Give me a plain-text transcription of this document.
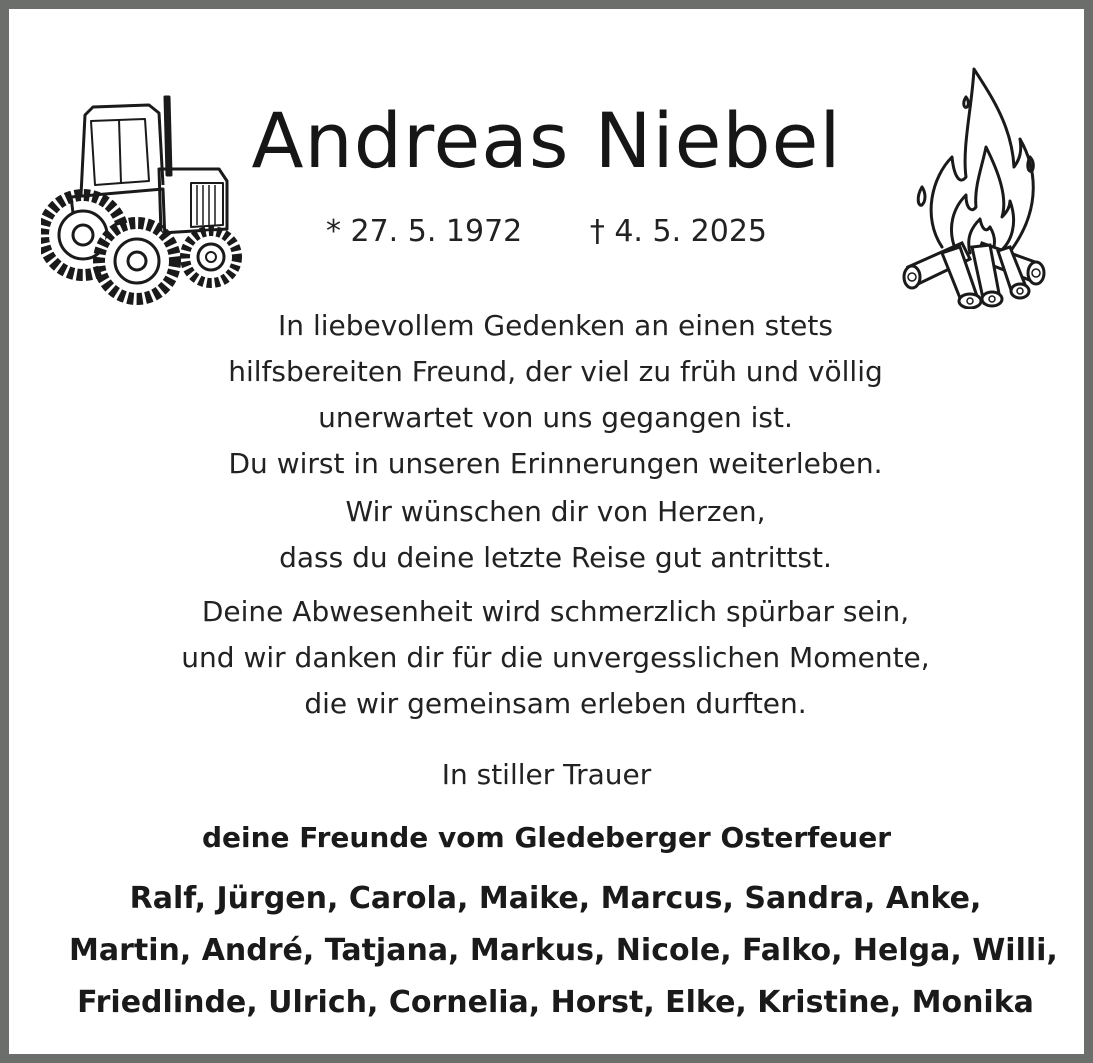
Andreas Niebel
* 27. 5. 1972 † 4. 5. 2025
In liebevollem Gedenken an einen stets
hilfsbereiten Freund, der viel zu früh und völlig
unerwartet von uns gegangen ist.
Du wirst in unseren Erinnerungen weiterleben.
Wir wünschen dir von Herzen,
dass du deine letzte Reise gut antrittst.
Deine Abwesenheit wird schmerzlich spürbar sein,
und wir danken dir für die unvergesslichen Momente,
die wir gemeinsam erleben durften.
In stiller Trauer
deine Freunde vom Gledeberger Osterfeuer
Ralf, Jürgen, Carola, Maike, Marcus, Sandra, Anke,
Martin, André, Tatjana, Markus, Nicole, Falko, Helga, Willi,
Friedlinde, Ulrich, Cornelia, Horst, Elke, Kristine, Monika
